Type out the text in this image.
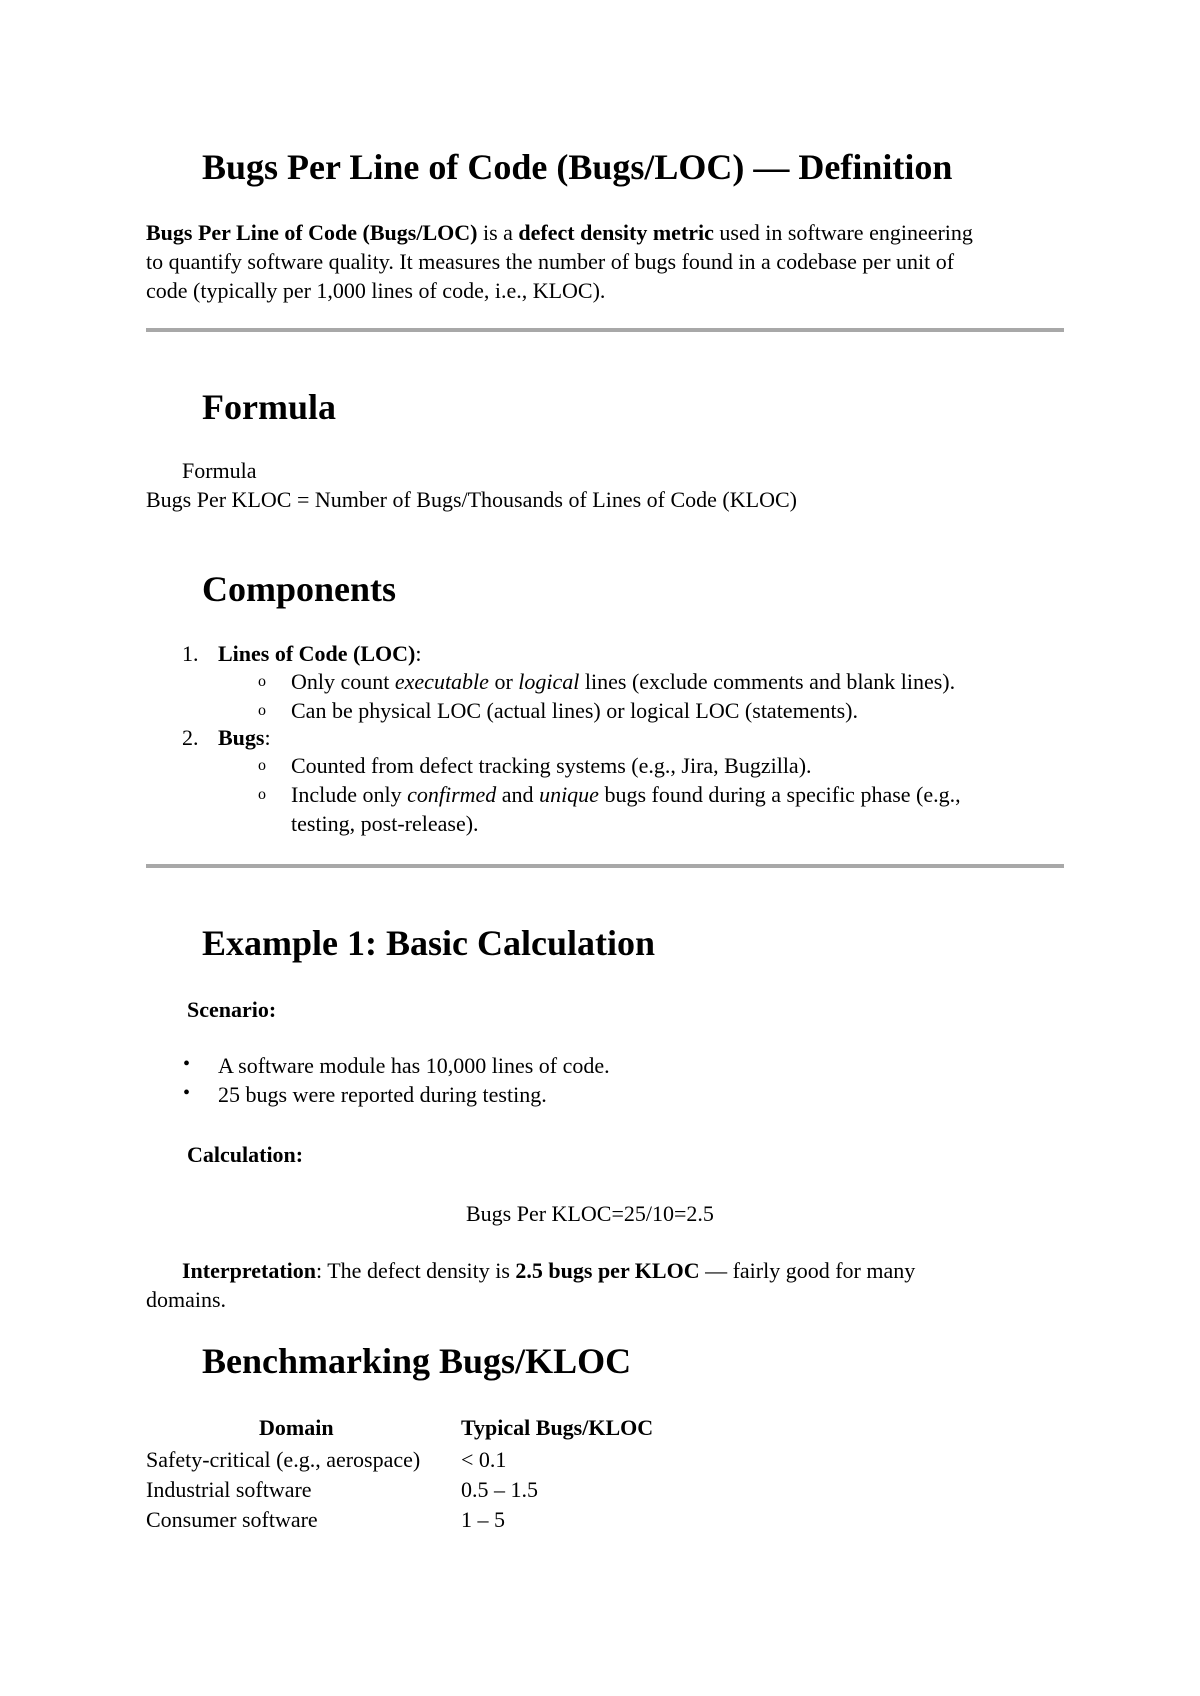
Bugs Per Line of Code (Bugs/LOC) — Definition
Bugs Per Line of Code (Bugs/LOC) is a defect density metric used in software engineering
to quantify software quality. It measures the number of bugs found in a codebase per unit of
code (typically per 1,000 lines of code, i.e., KLOC).
Formula
Formula
Bugs Per KLOC = Number of Bugs/Thousands of Lines of Code (KLOC)
Components
1. Lines of Code (LOC):
o Only count executable or logical lines (exclude comments and blank lines).
o Can be physical LOC (actual lines) or logical LOC (statements).
2. Bugs:
o Counted from defect tracking systems (e.g., Jira, Bugzilla).
o Include only confirmed and unique bugs found during a specific phase (e.g.,
testing, post-release).
Example 1: Basic Calculation
Scenario:
• A software module has 10,000 lines of code.
• 25 bugs were reported during testing.
Calculation:
Bugs Per KLOC=25/10=2.5
Interpretation: The defect density is 2.5 bugs per KLOC — fairly good for many
domains.
Benchmarking Bugs/KLOC
Domain	Typical Bugs/KLOC
Safety-critical (e.g., aerospace) < 0.1
Industrial software	0.5 – 1.5
Consumer software	1 – 5
